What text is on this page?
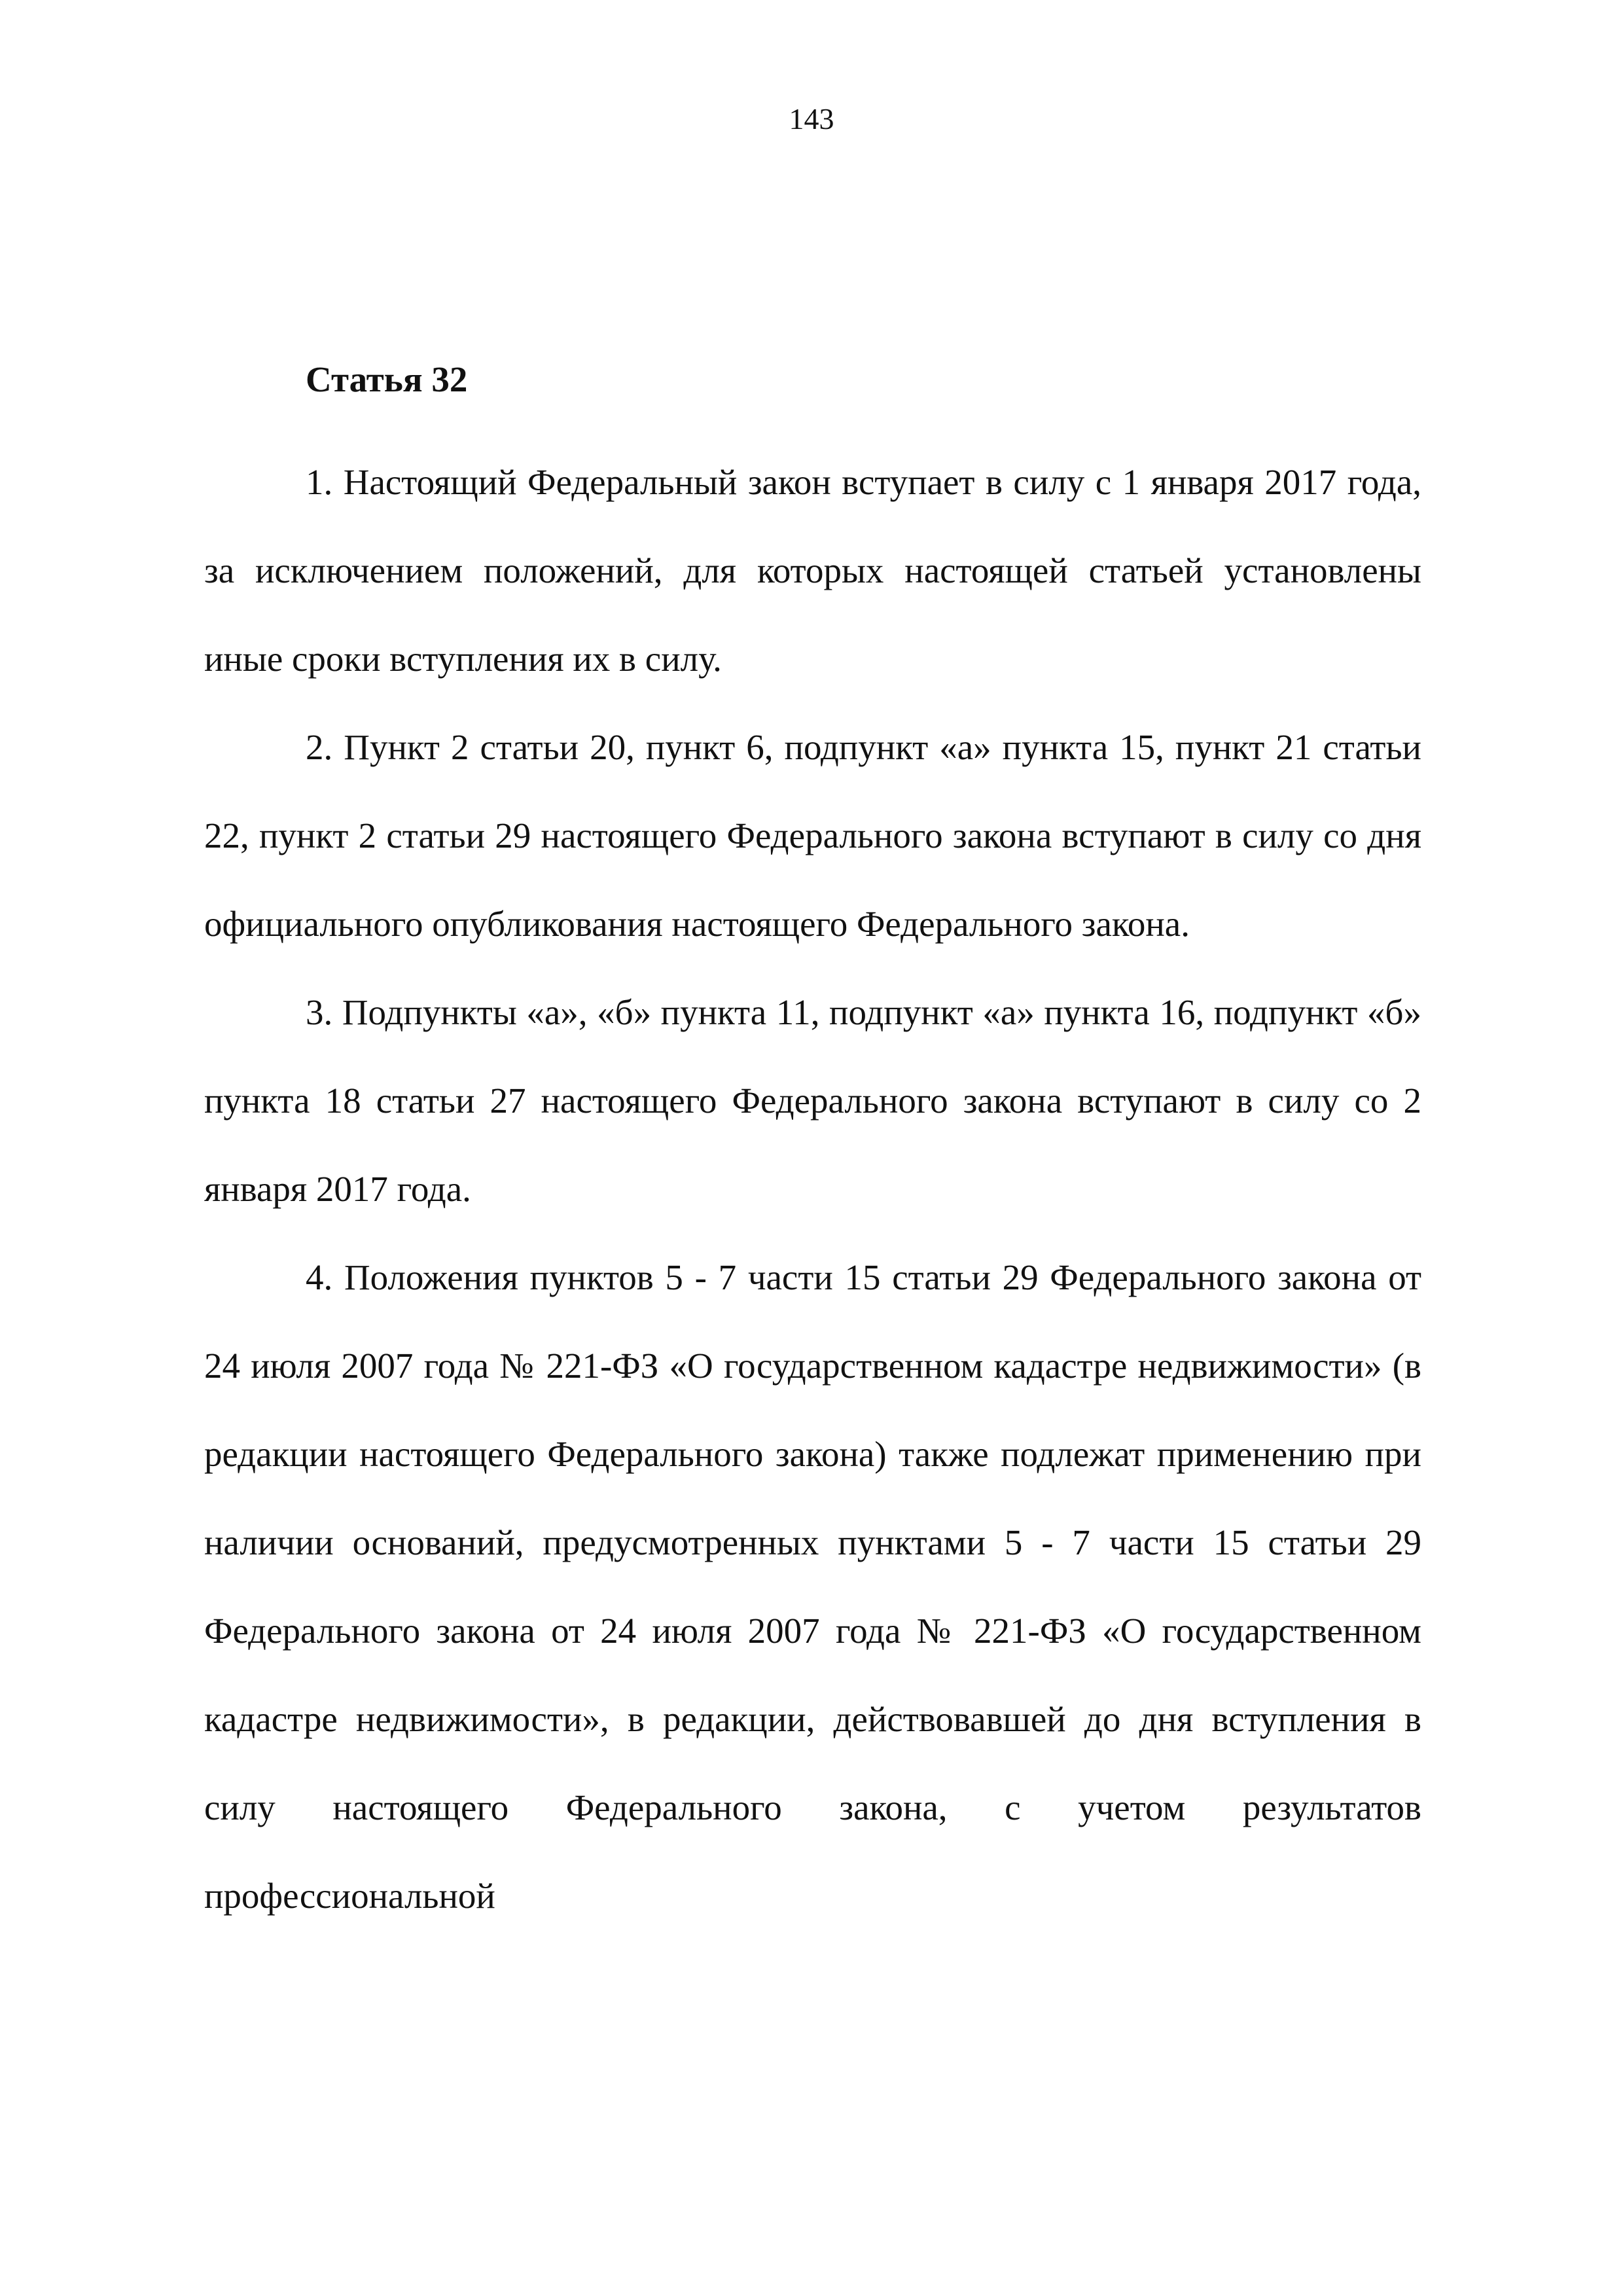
143
Статья 32

1. Настоящий Федеральный закон вступает в силу с 1 января 2017 года, за исключением положений, для которых настоящей статьей установлены иные сроки вступления их в силу.

2. Пункт 2 статьи 20, пункт 6, подпункт «а» пункта 15, пункт 21 статьи 22, пункт 2 статьи 29 настоящего Федерального закона вступают в силу со дня официального опубликования настоящего Федерального закона.

3. Подпункты «а», «б» пункта 11, подпункт «а» пункта 16, подпункт «б» пункта 18 статьи 27 настоящего Федерального закона вступают в силу со 2 января 2017 года.

4. Положения пунктов 5 - 7 части 15 статьи 29 Федерального закона от 24 июля 2007 года № 221-ФЗ «О государственном кадастре недвижимости» (в редакции настоящего Федерального закона) также подлежат применению при наличии оснований, предусмотренных пунктами 5 - 7 части 15 статьи 29 Федерального закона от 24 июля 2007 года № 221-ФЗ «О государственном кадастре недвижимости», в редакции, действовавшей до дня вступления в силу настоящего Федерального закона, с учетом результатов профессиональной
